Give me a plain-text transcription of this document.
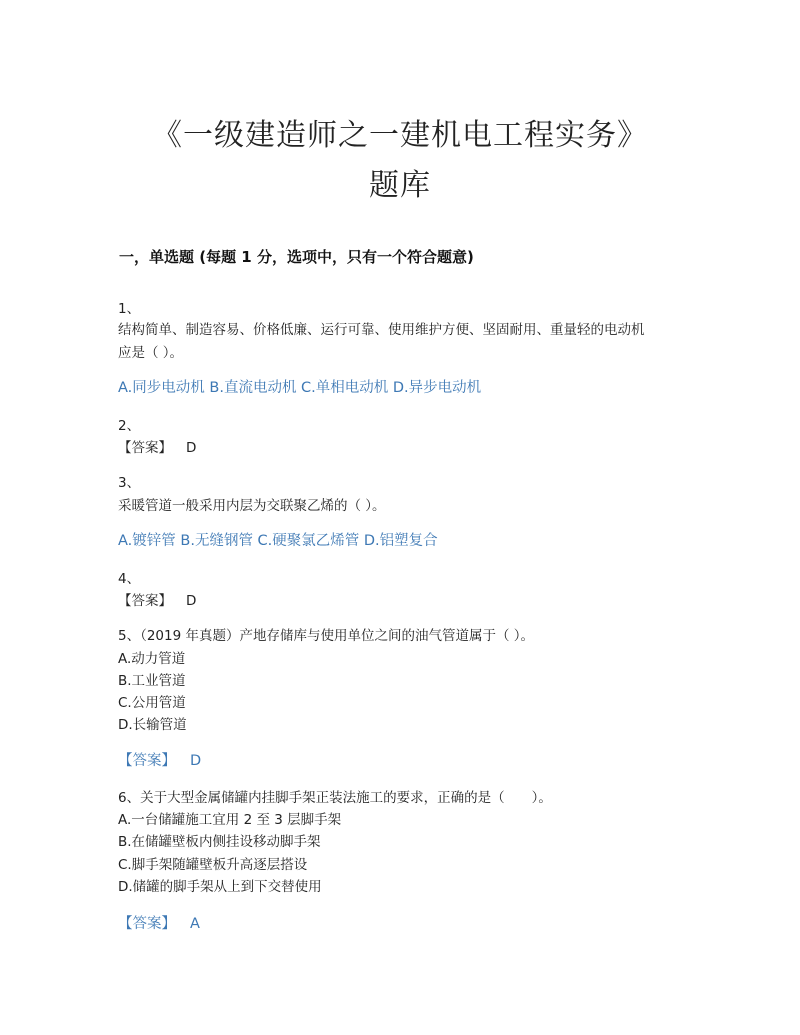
《一级建造师之一建机电工程实务》
题库
一，单选题 (每题 1 分，选项中，只有一个符合题意)
1、
结构简单、制造容易、价格低廉、运行可靠、使用维护方便、坚固耐用、重量轻的电动机
应是（ ）。
A.同步电动机 B.直流电动机 C.单相电动机 D.异步电动机
2、
【答案】 D
3、
采暖管道一般采用内层为交联聚乙烯的（ ）。
A.镀锌管 B.无缝钢管 C.硬聚氯乙烯管 D.铝塑复合
4、
【答案】 D
5、（2019 年真题）产地存储库与使用单位之间的油气管道属于（ ）。
A.动力管道
B.工业管道
C.公用管道
D.长输管道
【答案】 D
6、关于大型金属储罐内挂脚手架正装法施工的要求，正确的是（　　）。
A.一台储罐施工宜用 2 至 3 层脚手架
B.在储罐壁板内侧挂设移动脚手架
C.脚手架随罐壁板升高逐层搭设
D.储罐的脚手架从上到下交替使用
【答案】 A
